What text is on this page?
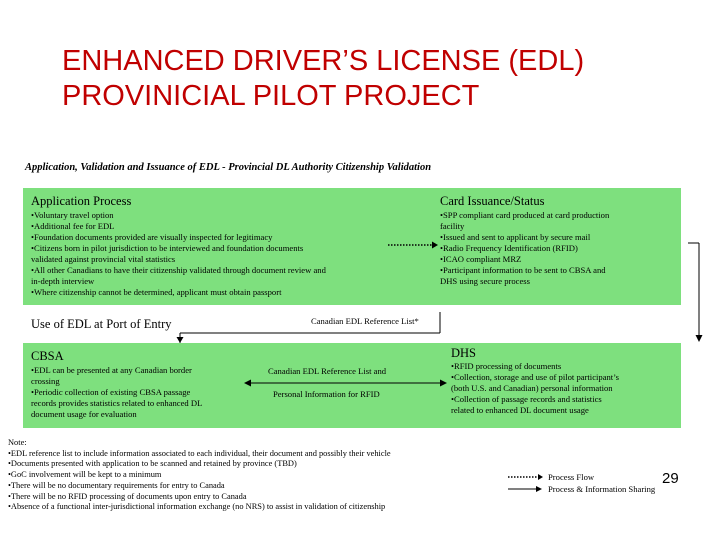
ENHANCED DRIVER’S LICENSE (EDL)
PROVINICIAL PILOT PROJECT
Application, Validation and Issuance of EDL - Provincial DL Authority Citizenship Validation
Application Process
•Voluntary travel option
•Additional fee for EDL
•Foundation documents provided are visually inspected for legitimacy
•Citizens born in pilot jurisdiction to be interviewed and foundation documents
validated against provincial vital statistics
•All other Canadians to have their citizenship validated through document review and
in-depth interview
•Where citizenship cannot be determined, applicant must obtain passport
Card Issuance/Status
•SPP compliant card produced at card production
facility
•Issued and sent to applicant by secure mail
•Radio Frequency Identification (RFID)
•ICAO compliant MRZ
•Participant information to be sent to CBSA and
DHS using secure process
Use of EDL at Port of Entry	Canadian EDL Reference List*
CBSA
•EDL can be presented at any Canadian border
crossing
•Periodic collection of existing CBSA passage
records provides statistics related to enhanced DL
document usage for evaluation
Canadian EDL Reference List and
Personal Information for RFID
DHS
•RFID processing of documents
•Collection, storage and use of pilot participant’s
(both U.S. and Canadian) personal information
•Collection of passage records and statistics
related to enhanced DL document usage
Note:
•EDL reference list to include information associated to each individual, their document and possibly their vehicle
•Documents presented with application to be scanned and retained by province (TBD)
•GoC involvement will be kept to a minimum
•There will be no documentary requirements for entry to Canada
•There will be no RFID processing of documents upon entry to Canada
•Absence of a functional inter-jurisdictional information exchange (no NRS) to assist in validation of citizenship
Process Flow
Process & Information Sharing
29
